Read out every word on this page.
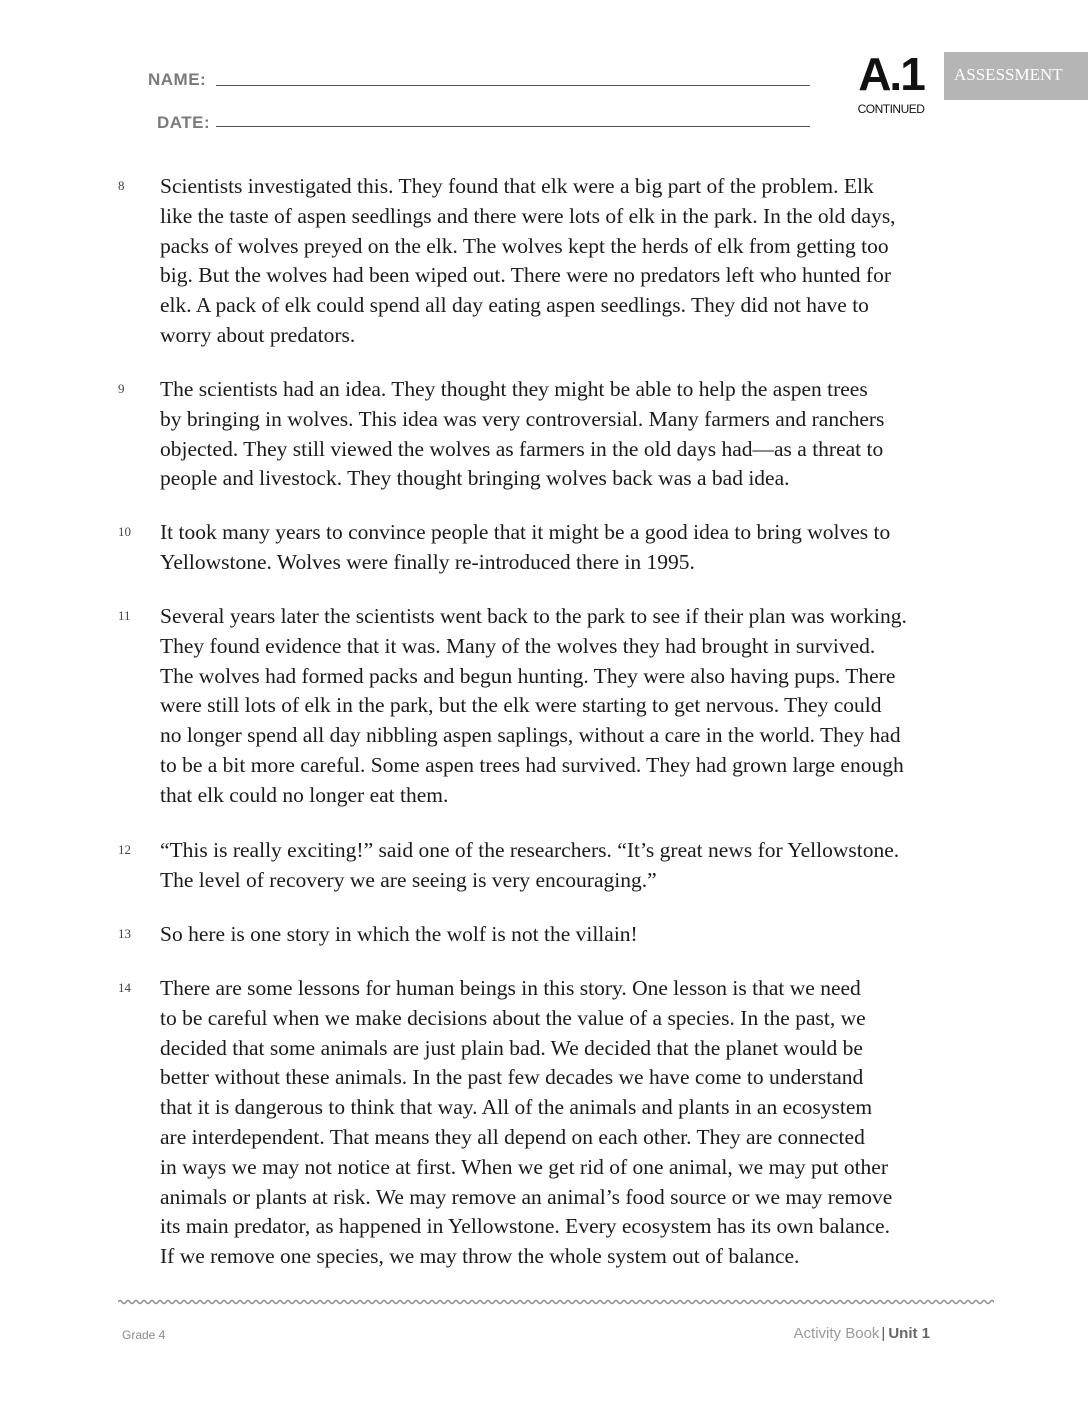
NAME:
DATE:
A.1
CONTINUED
ASSESSMENT
8	Scientists investigated this. They found that elk were a big part of the problem. Elk
like the taste of aspen seedlings and there were lots of elk in the park. In the old days,
packs of wolves preyed on the elk. The wolves kept the herds of elk from getting too
big. But the wolves had been wiped out. There were no predators left who hunted for
elk. A pack of elk could spend all day eating aspen seedlings. They did not have to
worry about predators.
9	The scientists had an idea. They thought they might be able to help the aspen trees
by bringing in wolves. This idea was very controversial. Many farmers and ranchers
objected. They still viewed the wolves as farmers in the old days had—as a threat to
people and livestock. They thought bringing wolves back was a bad idea.
10	It took many years to convince people that it might be a good idea to bring wolves to
Yellowstone. Wolves were finally re-introduced there in 1995.
11	Several years later the scientists went back to the park to see if their plan was working.
They found evidence that it was. Many of the wolves they had brought in survived.
The wolves had formed packs and begun hunting. They were also having pups. There
were still lots of elk in the park, but the elk were starting to get nervous. They could
no longer spend all day nibbling aspen saplings, without a care in the world. They had
to be a bit more careful. Some aspen trees had survived. They had grown large enough
that elk could no longer eat them.
12	“This is really exciting!” said one of the researchers. “It’s great news for Yellowstone.
The level of recovery we are seeing is very encouraging.”
13	So here is one story in which the wolf is not the villain!
14	There are some lessons for human beings in this story. One lesson is that we need
to be careful when we make decisions about the value of a species. In the past, we
decided that some animals are just plain bad. We decided that the planet would be
better without these animals. In the past few decades we have come to understand
that it is dangerous to think that way. All of the animals and plants in an ecosystem
are interdependent. That means they all depend on each other. They are connected
in ways we may not notice at first. When we get rid of one animal, we may put other
animals or plants at risk. We may remove an animal’s food source or we may remove
its main predator, as happened in Yellowstone. Every ecosystem has its own balance.
If we remove one species, we may throw the whole system out of balance.
Grade 4	Activity Book | Unit 1
